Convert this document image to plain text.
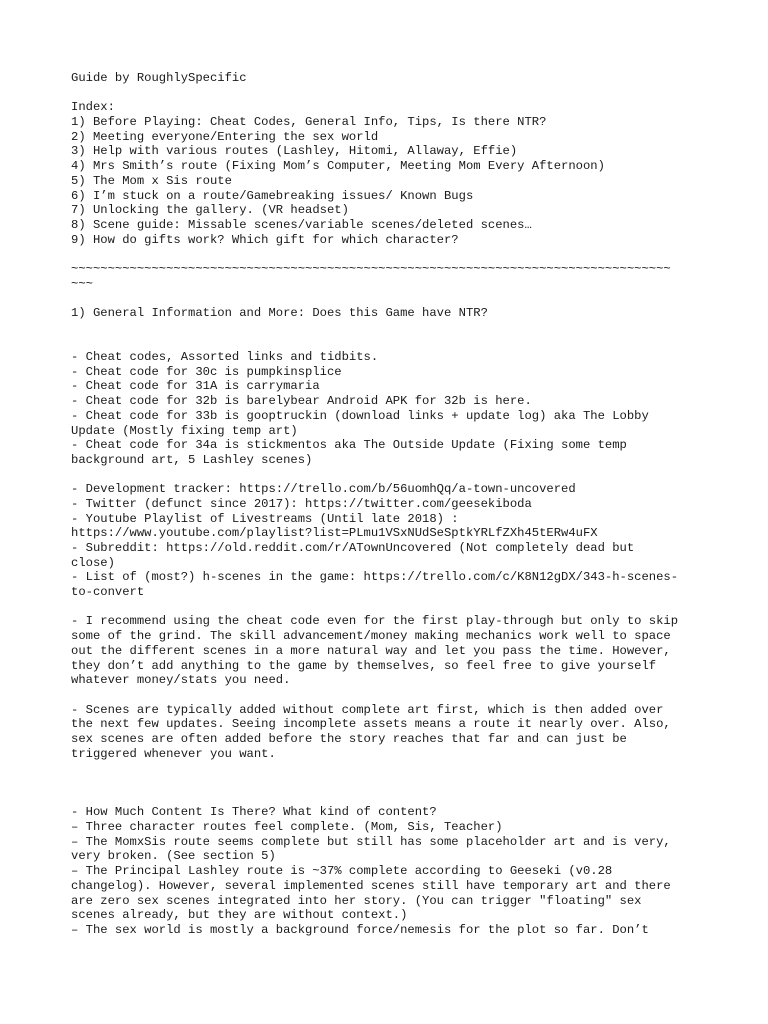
Guide by RoughlySpecific
Index:
1) Before Playing: Cheat Codes, General Info, Tips, Is there NTR?
2) Meeting everyone/Entering the sex world
3) Help with various routes (Lashley, Hitomi, Allaway, Effie)
4) Mrs Smith’s route (Fixing Mom’s Computer, Meeting Mom Every Afternoon)
5) The Mom x Sis route
6) I’m stuck on a route/Gamebreaking issues/ Known Bugs
7) Unlocking the gallery. (VR headset)
8) Scene guide: Missable scenes/variable scenes/deleted scenes…
9) How do gifts work? Which gift for which character?
~~~~~~~~~~~~~~~~~~~~~~~~~~~~~~~~~~~~~~~~~~~~~~~~~~~~~~~~~~~~~~~~~~~~~~~~~~~~~~~~~~
~~~
1) General Information and More: Does this Game have NTR?
- Cheat codes, Assorted links and tidbits.
- Cheat code for 30c is pumpkinsplice
- Cheat code for 31A is carrymaria
- Cheat code for 32b is barelybear Android APK for 32b is here.
- Cheat code for 33b is gooptruckin (download links + update log) aka The Lobby
Update (Mostly fixing temp art)
- Cheat code for 34a is stickmentos aka The Outside Update (Fixing some temp
background art, 5 Lashley scenes)
- Development tracker: https://trello.com/b/56uomhQq/a-town-uncovered
- Twitter (defunct since 2017): https://twitter.com/geesekiboda
- Youtube Playlist of Livestreams (Until late 2018) :
https://www.youtube.com/playlist?list=PLmu1VSxNUdSeSptkYRLfZXh45tERw4uFX
- Subreddit: https://old.reddit.com/r/ATownUncovered (Not completely dead but
close)
- List of (most?) h-scenes in the game: https://trello.com/c/K8N12gDX/343-h-scenes-
to-convert
- I recommend using the cheat code even for the first play-through but only to skip
some of the grind. The skill advancement/money making mechanics work well to space
out the different scenes in a more natural way and let you pass the time. However,
they don’t add anything to the game by themselves, so feel free to give yourself
whatever money/stats you need.
- Scenes are typically added without complete art first, which is then added over
the next few updates. Seeing incomplete assets means a route it nearly over. Also,
sex scenes are often added before the story reaches that far and can just be
triggered whenever you want.
- How Much Content Is There? What kind of content?
– Three character routes feel complete. (Mom, Sis, Teacher)
– The MomxSis route seems complete but still has some placeholder art and is very,
very broken. (See section 5)
– The Principal Lashley route is ~37% complete according to Geeseki (v0.28
changelog). However, several implemented scenes still have temporary art and there
are zero sex scenes integrated into her story. (You can trigger "floating" sex
scenes already, but they are without context.)
– The sex world is mostly a background force/nemesis for the plot so far. Don’t
